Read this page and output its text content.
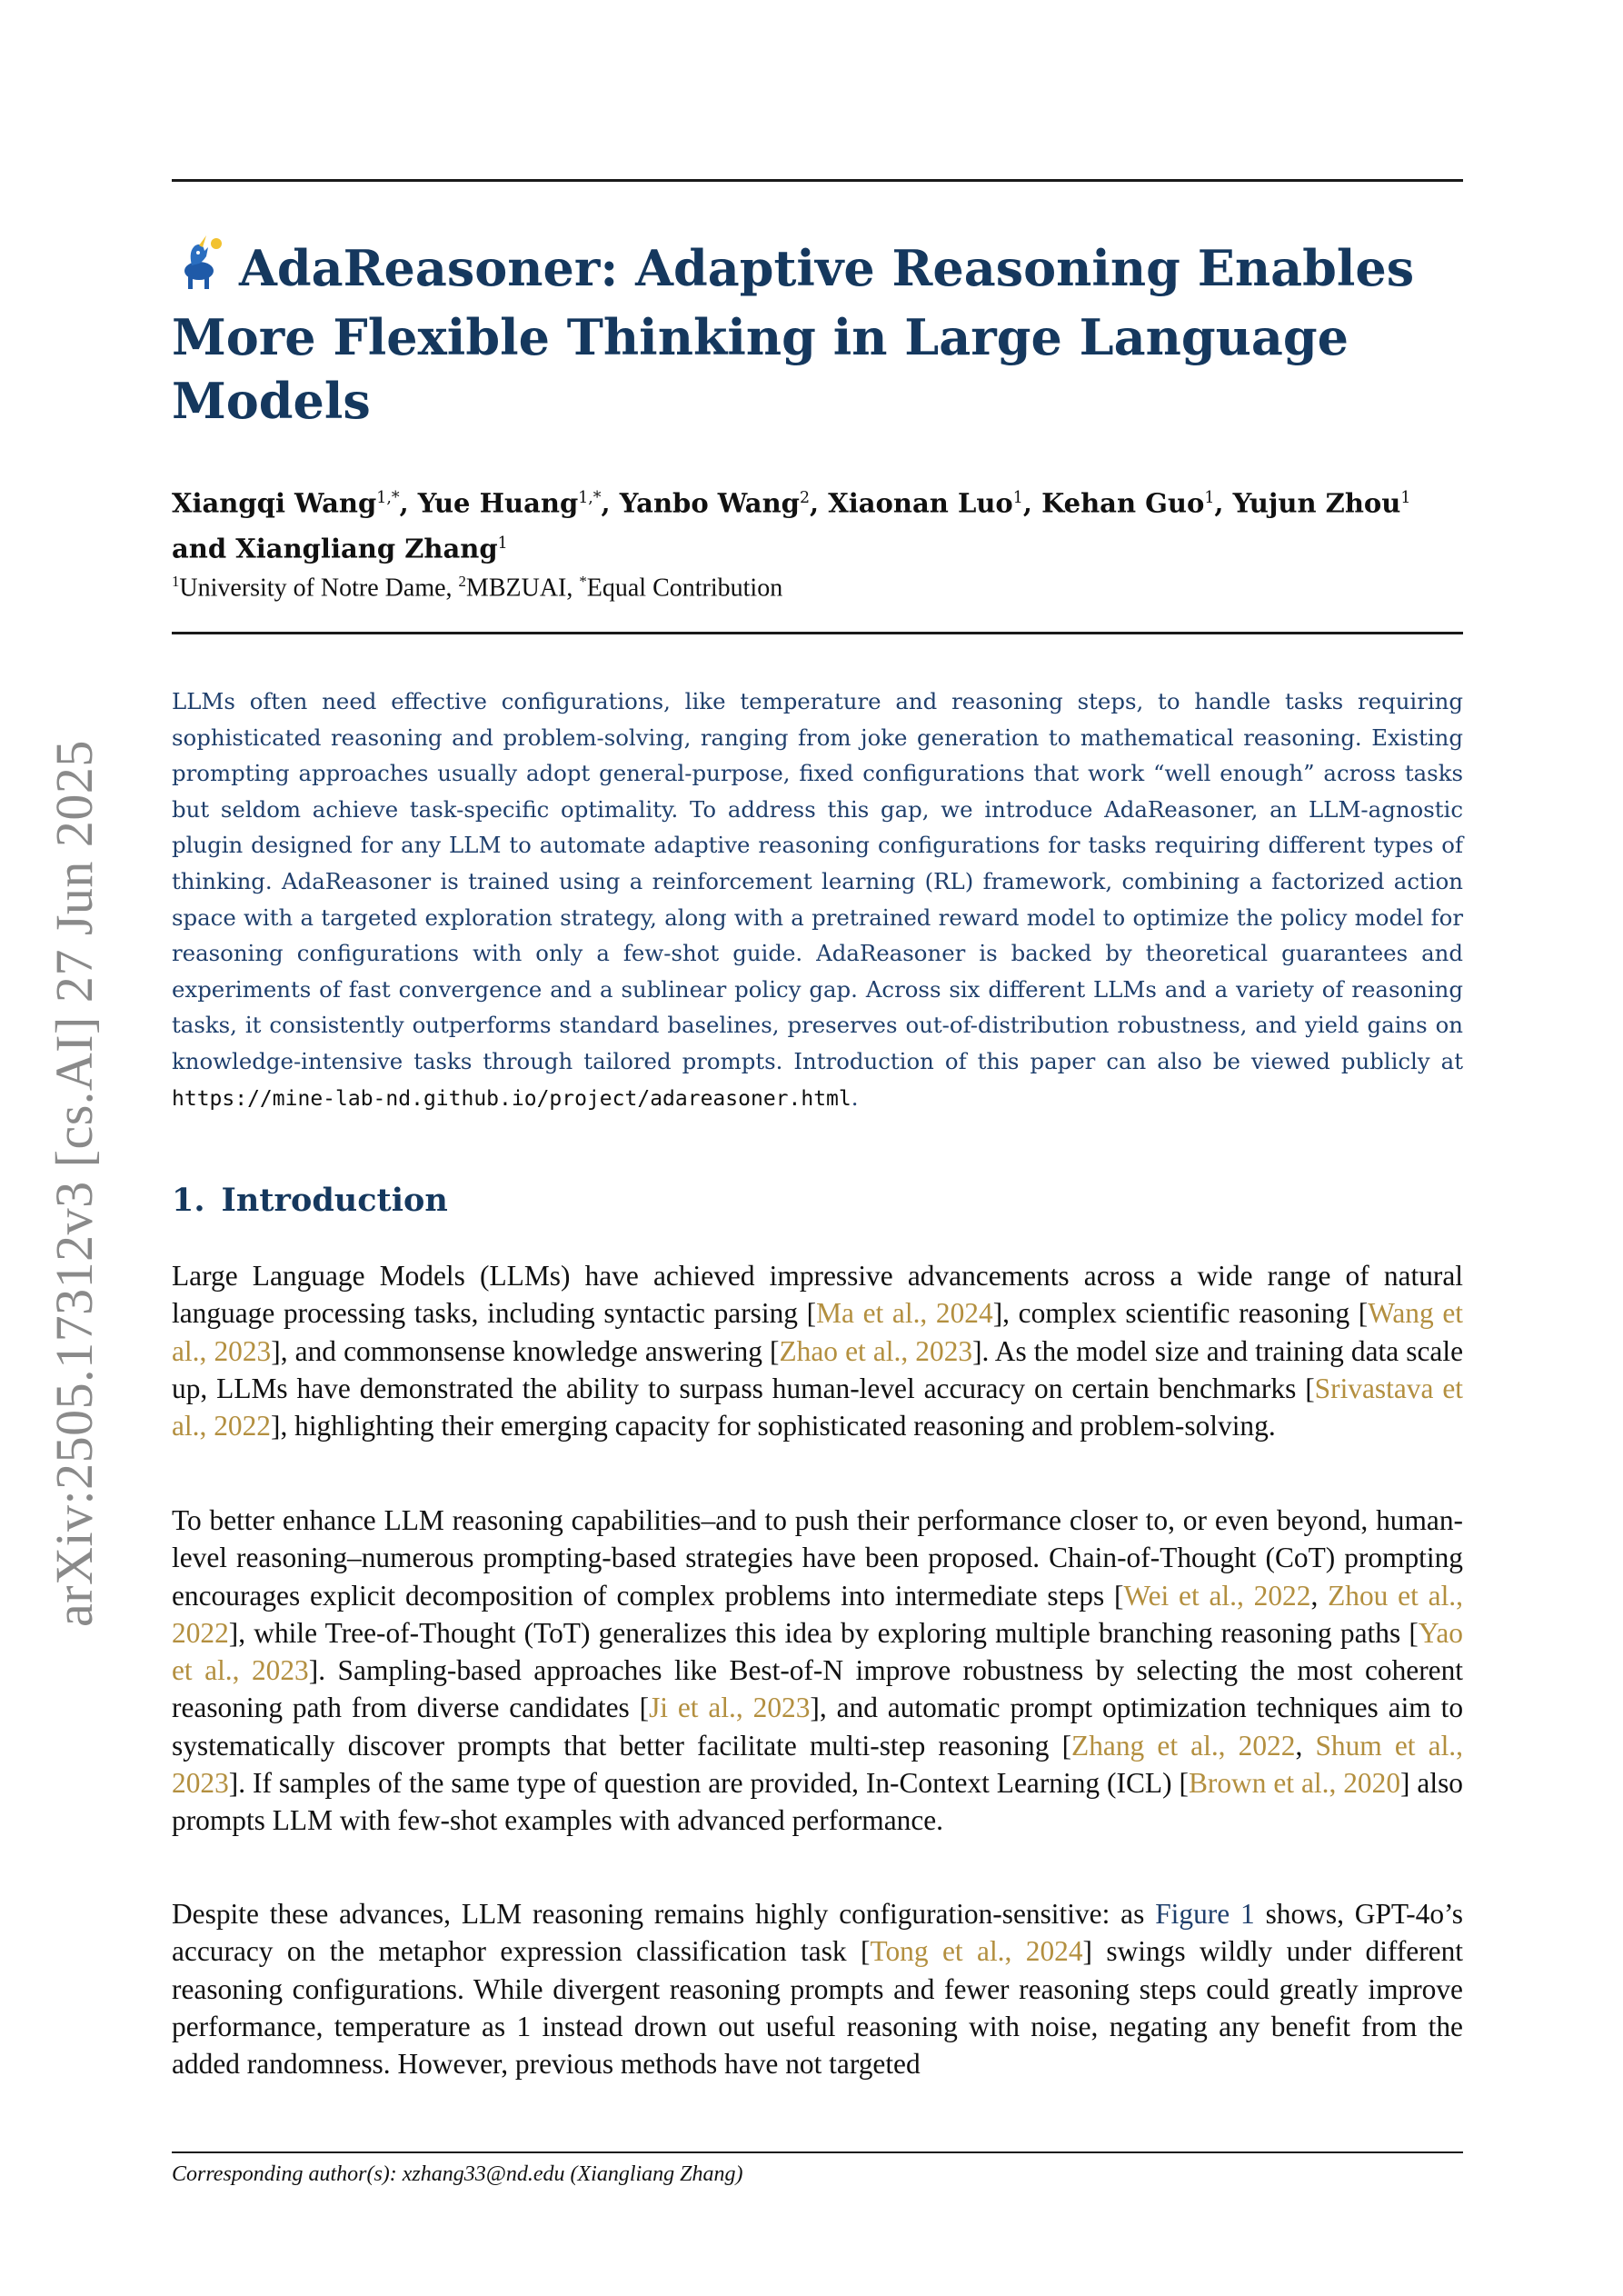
arXiv:2505.17312v3 [cs.AI] 27 Jun 2025
AdaReasoner: Adaptive Reasoning Enables More Flexible Thinking in Large Language Models
Xiangqi Wang$^{1,*}$, Yue Huang$^{1,*}$, Yanbo Wang$^2$, Xiaonan Luo$^1$, Kehan Guo$^1$, Yujun Zhou$^1$
and Xiangliang Zhang$^1$
$^1$University of Notre Dame, $^2$MBZUAI, *Equal Contribution

LLMs often need effective configurations, like temperature and reasoning steps, to handle tasks requiring sophisticated reasoning and problem-solving, ranging from joke generation to mathematical reasoning. Existing prompting approaches usually adopt general-purpose, fixed configurations that work “well enough” across tasks but seldom achieve task-specific optimality. To address this gap, we introduce AdaReasoner, an LLM-agnostic plugin designed for any LLM to automate adaptive reasoning configurations for tasks requiring different types of thinking. AdaReasoner is trained using a reinforcement learning (RL) framework, combining a factorized action space with a targeted exploration strategy, along with a pretrained reward model to optimize the policy model for reasoning configurations with only a few-shot guide. AdaReasoner is backed by theoretical guarantees and experiments of fast convergence and a sublinear policy gap. Across six different LLMs and a variety of reasoning tasks, it consistently outperforms standard baselines, preserves out-of-distribution robustness, and yield gains on knowledge-intensive tasks through tailored prompts. Introduction of this paper can also be viewed publicly at https://mine-lab-nd.github.io/project/adareasoner.html.

1. Introduction

Large Language Models (LLMs) have achieved impressive advancements across a wide range of natural language processing tasks, including syntactic parsing [Ma et al., 2024], complex scientific reasoning [Wang et al., 2023], and commonsense knowledge answering [Zhao et al., 2023]. As the model size and training data scale up, LLMs have demonstrated the ability to surpass human-level accuracy on certain benchmarks [Srivastava et al., 2022], highlighting their emerging capacity for sophisticated reasoning and problem-solving.

To better enhance LLM reasoning capabilities–and to push their performance closer to, or even beyond, human-level reasoning–numerous prompting-based strategies have been proposed. Chain-of-Thought (CoT) prompting encourages explicit decomposition of complex problems into intermediate steps [Wei et al., 2022, Zhou et al., 2022], while Tree-of-Thought (ToT) generalizes this idea by exploring multiple branching reasoning paths [Yao et al., 2023]. Sampling-based approaches like Best-of-N improve robustness by selecting the most coherent reasoning path from diverse candidates [Ji et al., 2023], and automatic prompt optimization techniques aim to systematically discover prompts that better facilitate multi-step reasoning [Zhang et al., 2022, Shum et al., 2023]. If samples of the same type of question are provided, In-Context Learning (ICL) [Brown et al., 2020] also prompts LLM with few-shot examples with advanced performance.

Despite these advances, LLM reasoning remains highly configuration-sensitive: as Figure 1 shows, GPT-4o’s accuracy on the metaphor expression classification task [Tong et al., 2024] swings wildly under different reasoning configurations. While divergent reasoning prompts and fewer reasoning steps could greatly improve performance, temperature as 1 instead drown out useful reasoning with noise, negating any benefit from the added randomness. However, previous methods have not targeted

Corresponding author(s): xzhang33@nd.edu (Xiangliang Zhang)
